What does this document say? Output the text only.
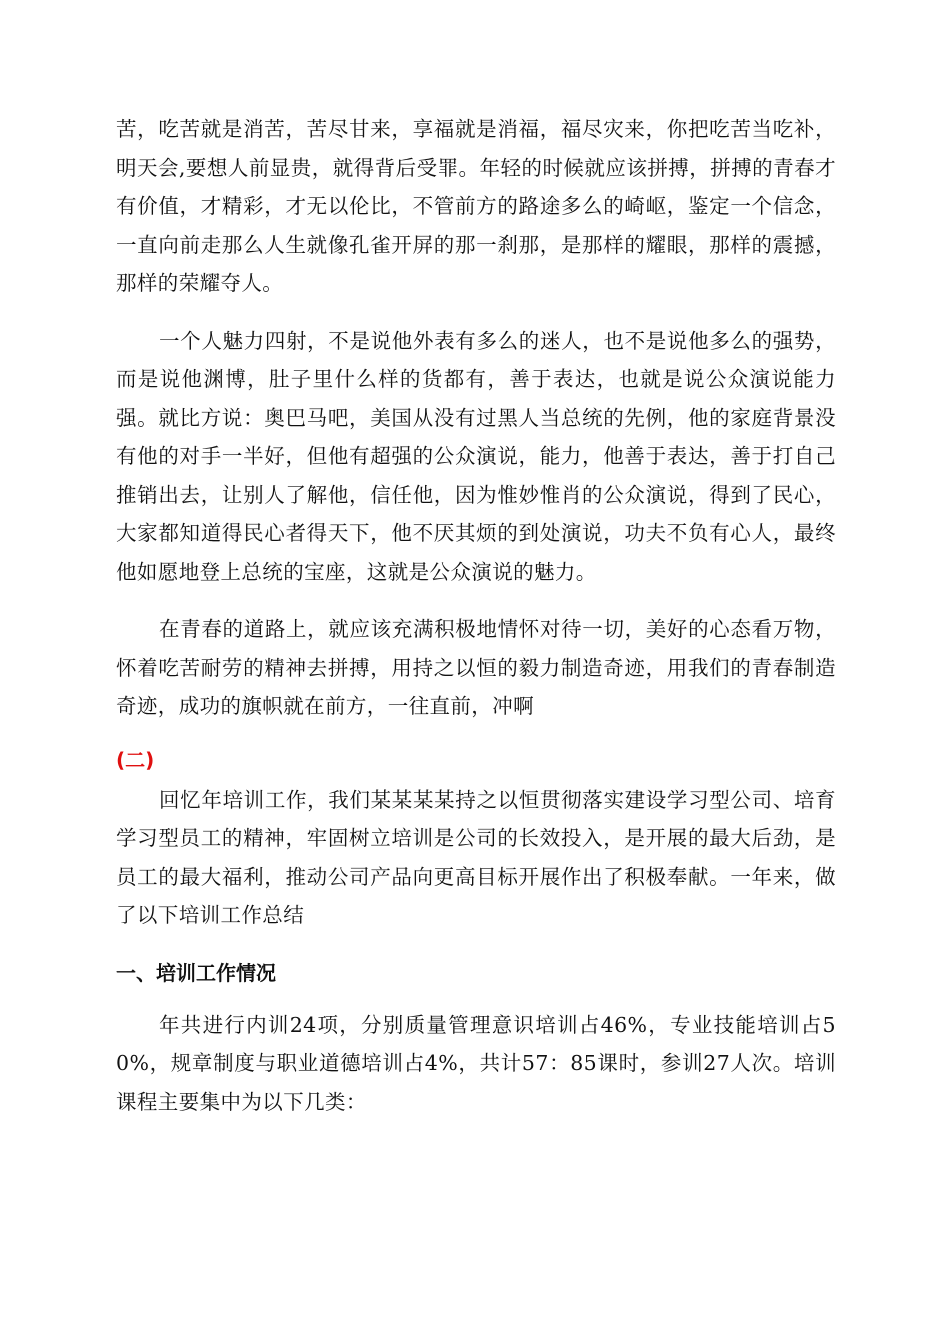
苦，吃苦就是消苦，苦尽甘来，享福就是消福，福尽灾来，你把吃苦当吃补，明天会,要想人前显贵，就得背后受罪。年轻的时候就应该拼搏，拼搏的青春才有价值，才精彩，才无以伦比，不管前方的路途多么的崎岖，鉴定一个信念，一直向前走那么人生就像孔雀开屏的那一刹那，是那样的耀眼，那样的震撼，那样的荣耀夺人。

一个人魅力四射，不是说他外表有多么的迷人，也不是说他多么的强势，而是说他渊博，肚子里什么样的货都有，善于表达，也就是说公众演说能力强。就比方说：奥巴马吧，美国从没有过黑人当总统的先例，他的家庭背景没有他的对手一半好，但他有超强的公众演说，能力，他善于表达，善于打自己推销出去，让别人了解他，信任他，因为惟妙惟肖的公众演说，得到了民心，大家都知道得民心者得天下，他不厌其烦的到处演说，功夫不负有心人，最终他如愿地登上总统的宝座，这就是公众演说的魅力。

在青春的道路上，就应该充满积极地情怀对待一切，美好的心态看万物，怀着吃苦耐劳的精神去拼搏，用持之以恒的毅力制造奇迹，用我们的青春制造奇迹，成功的旗帜就在前方，一往直前，冲啊

(二)

回忆年培训工作，我们某某某某持之以恒贯彻落实建设学习型公司、培育学习型员工的精神，牢固树立培训是公司的长效投入，是开展的最大后劲，是员工的最大福利，推动公司产品向更高目标开展作出了积极奉献。一年来，做了以下培训工作总结

一、培训工作情况

年共进行内训24项，分别质量管理意识培训占46%，专业技能培训占50%，规章制度与职业道德培训占4%，共计57：85课时，参训27人次。培训课程主要集中为以下几类：
